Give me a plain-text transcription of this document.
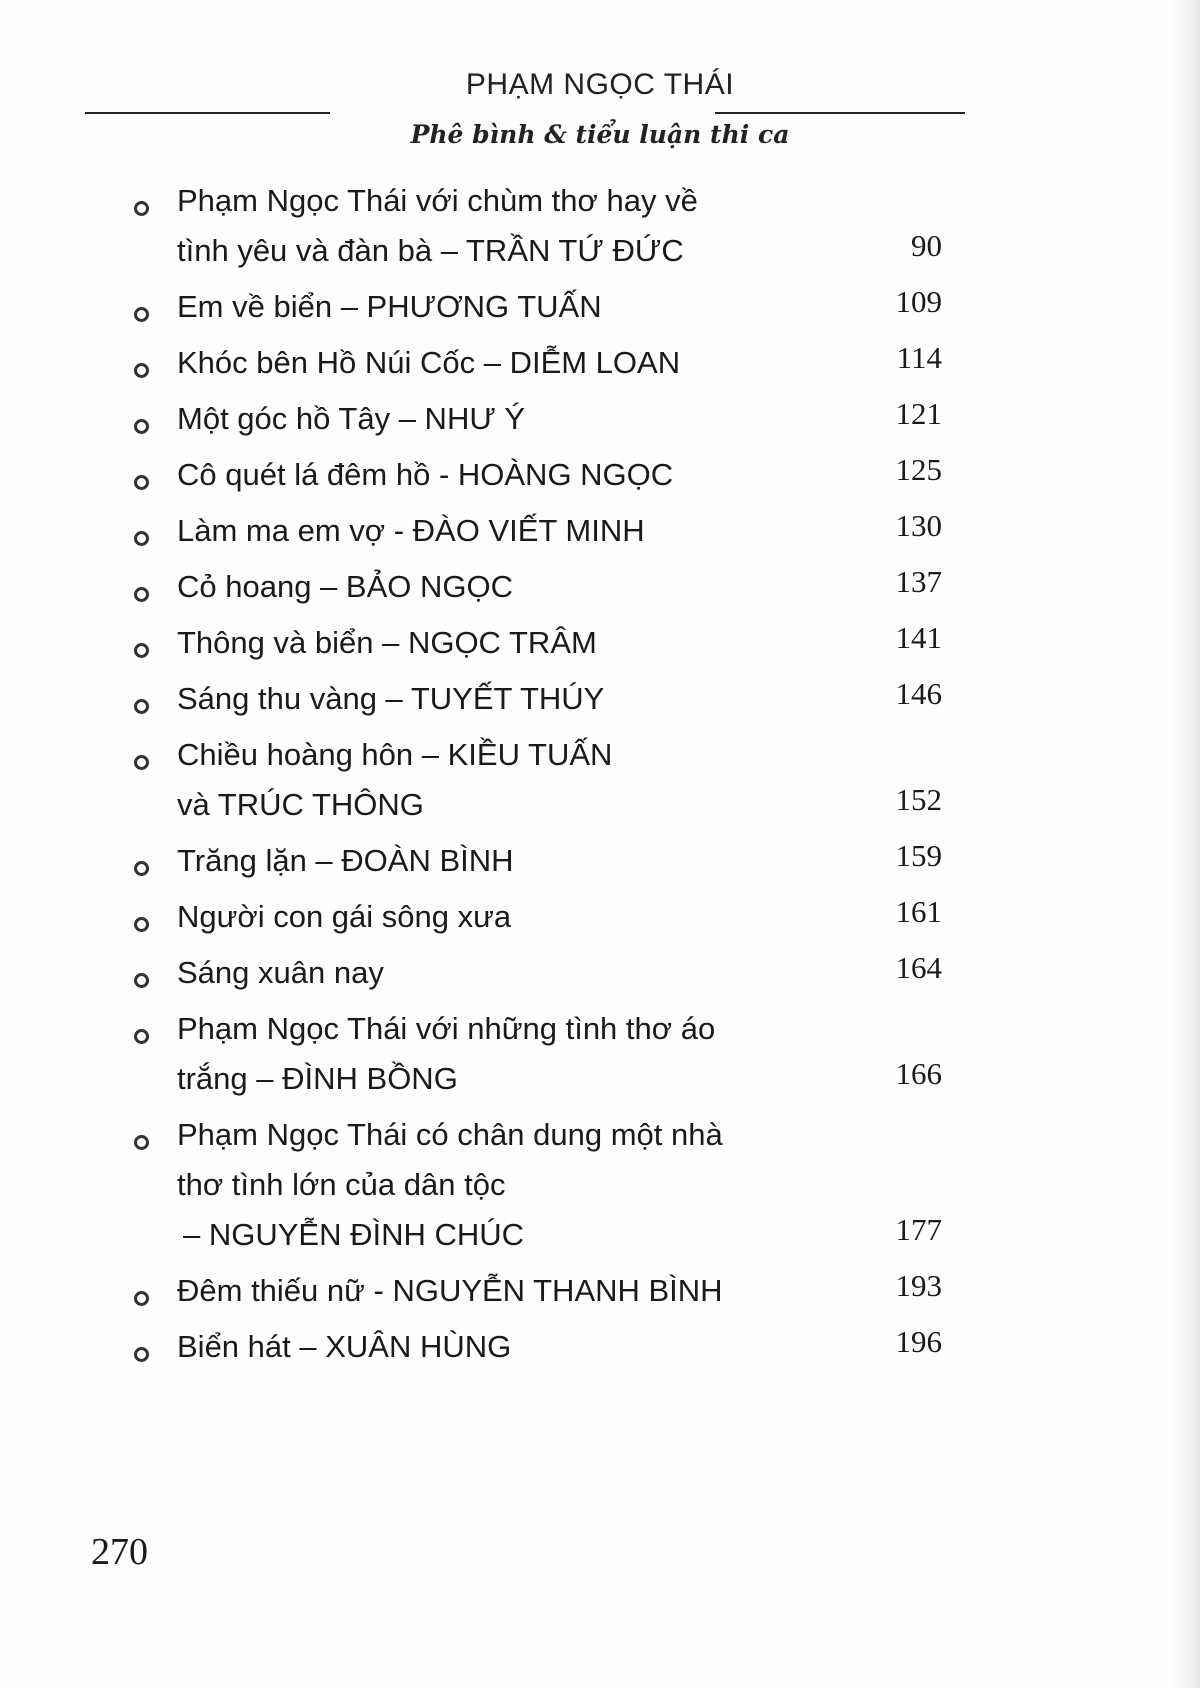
PHẠM NGỌC THÁI
Phê bình & tiểu luận thi ca
Phạm Ngọc Thái với chùm thơ hay về
tình yêu và đàn bà – TRẦN TỨ ĐỨC	90
Em về biển – PHƯƠNG TUẤN	109
Khóc bên Hồ Núi Cốc – DIỄM LOAN	114
Một góc hồ Tây – NHƯ Ý	121
Cô quét lá đêm hồ - HOÀNG NGỌC	125
Làm ma em vợ - ĐÀO VIẾT MINH	130
Cỏ hoang – BẢO NGỌC	137
Thông và biển – NGỌC TRÂM	141
Sáng thu vàng – TUYẾT THÚY	146
Chiều hoàng hôn – KIỀU TUẤN
và TRÚC THÔNG	152
Trăng lặn – ĐOÀN BÌNH	159
Người con gái sông xưa	161
Sáng xuân nay	164
Phạm Ngọc Thái với những tình thơ áo
trắng – ĐÌNH BỒNG	166
Phạm Ngọc Thái có chân dung một nhà
thơ tình lớn của dân tộc
– NGUYỄN ĐÌNH CHÚC	177
Đêm thiếu nữ - NGUYỄN THANH BÌNH	193
Biển hát – XUÂN HÙNG	196
270
